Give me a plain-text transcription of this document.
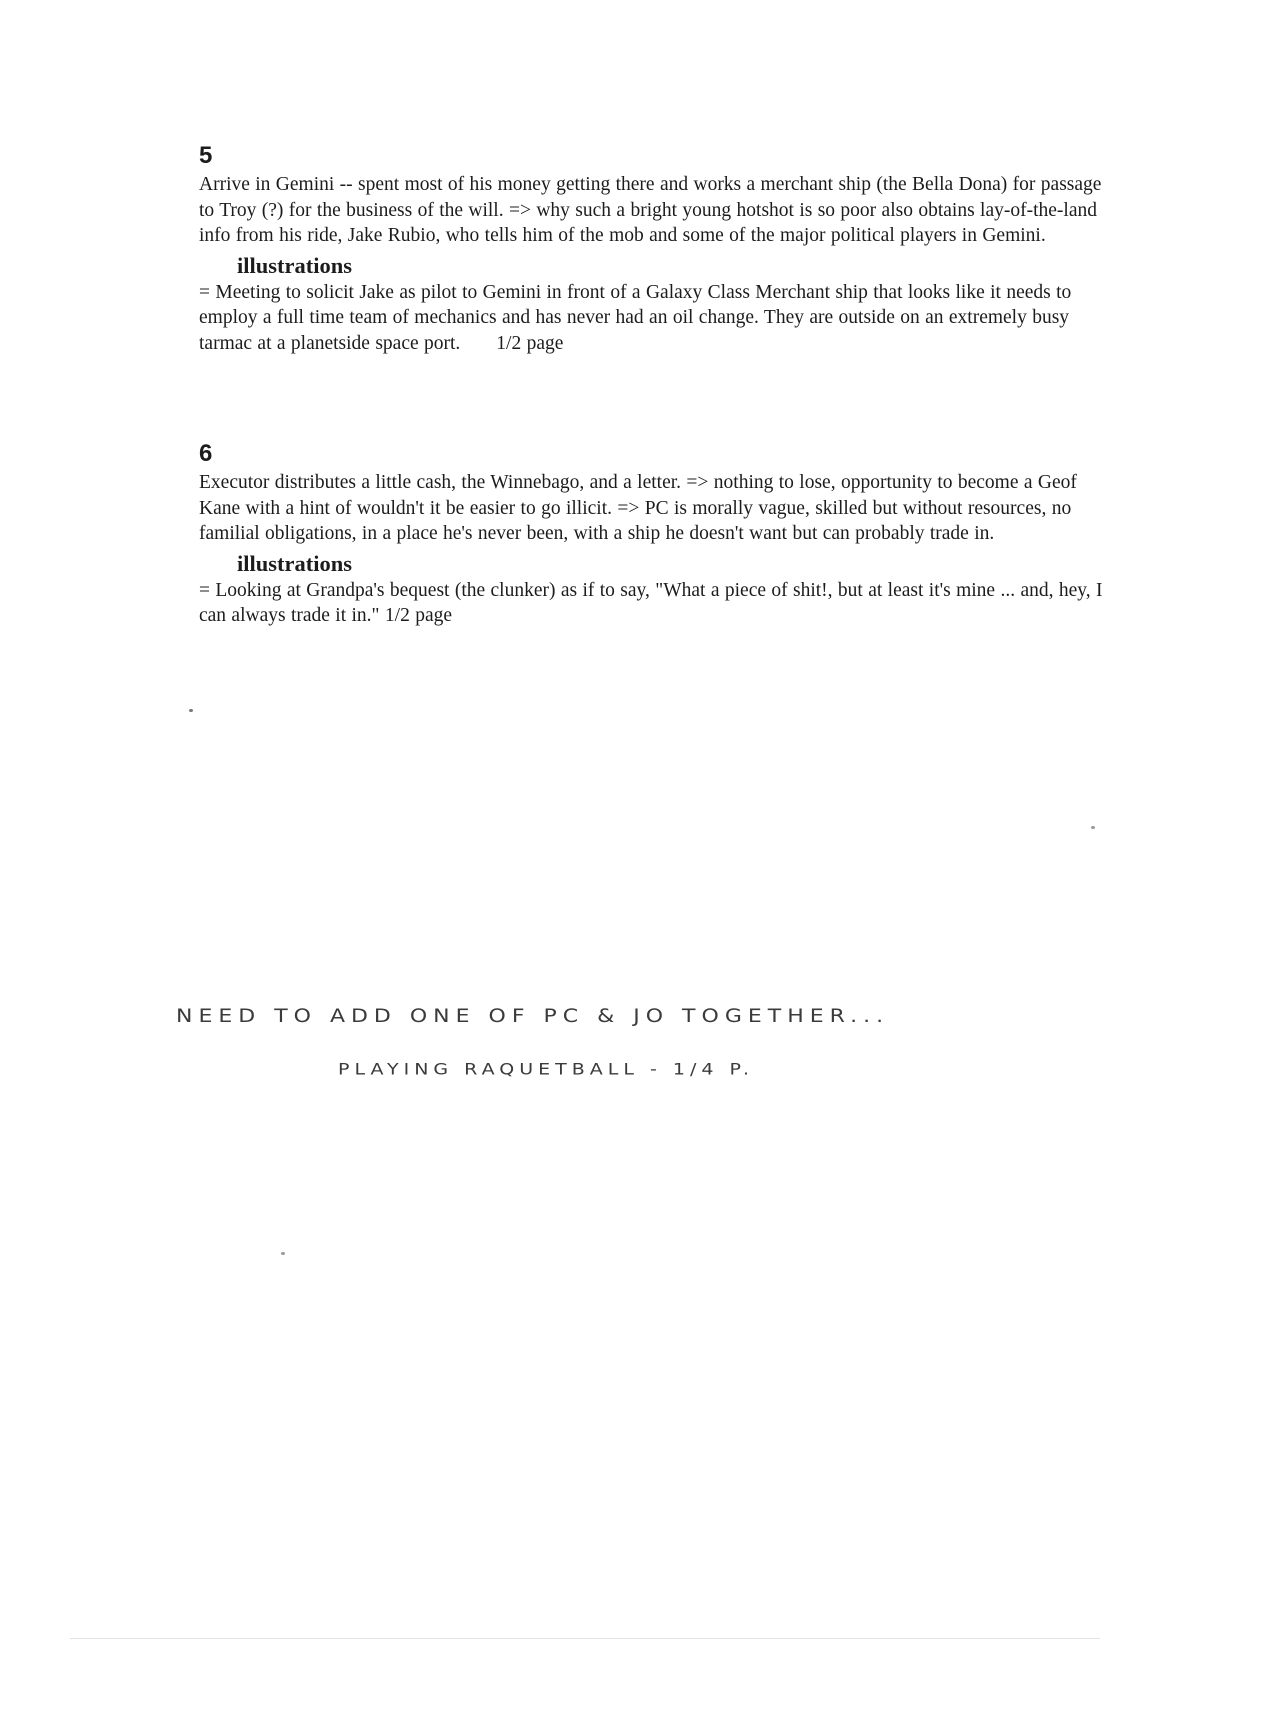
5

Arrive in Gemini -- spent most of his money getting there and works a merchant ship (the Bella Dona) for passage to Troy (?) for the business of the will. => why such a bright young hotshot is so poor also obtains lay-of-the-land info from his ride, Jake Rubio, who tells him of the mob and some of the major political players in Gemini.

illustrations

= Meeting to solicit Jake as pilot to Gemini in front of a Galaxy Class Merchant ship that looks like it needs to employ a full time team of mechanics and has never had an oil change. They are outside on an extremely busy tarmac at a planetside space port. 1/2 page

6

Executor distributes a little cash, the Winnebago, and a letter. => nothing to lose, opportunity to become a Geof Kane with a hint of wouldn't it be easier to go illicit. => PC is morally vague, skilled but without resources, no familial obligations, in a place he's never been, with a ship he doesn't want but can probably trade in.

illustrations

= Looking at Grandpa's bequest (the clunker) as if to say, "What a piece of shit!, but at least it's mine ... and, hey, I can always trade it in." 1/2 page

NEED TO ADD ONE OF PC & JO TOGETHER...
PLAYING RAQUETBALL - 1/4 P.
